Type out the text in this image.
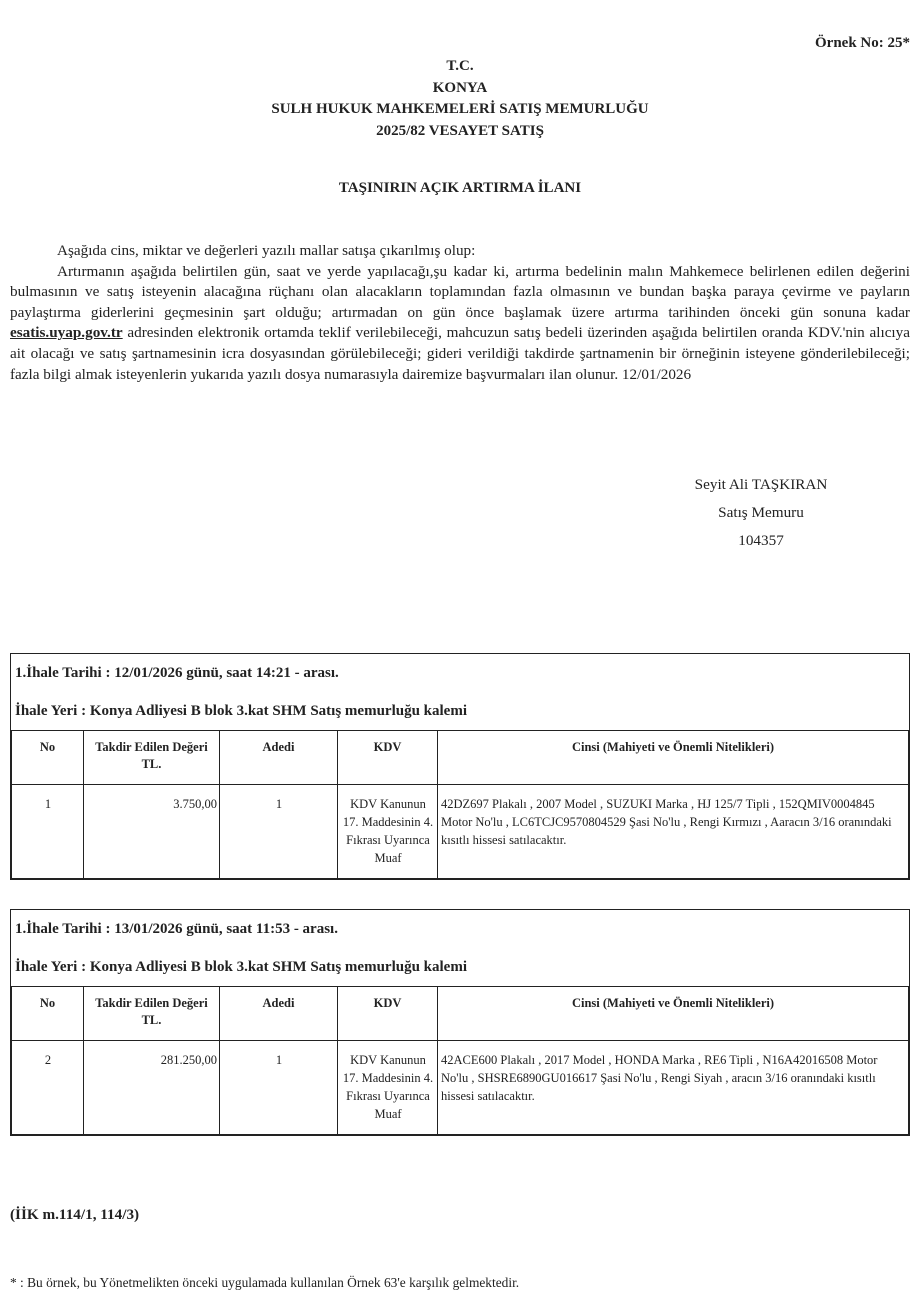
Örnek No: 25*
T.C.
KONYA
SULH HUKUK MAHKEMELERİ SATIŞ MEMURLUĞU
2025/82 VESAYET SATIŞ
TAŞINIRIN AÇIK ARTIRMA İLANI

Aşağıda cins, miktar ve değerleri yazılı mallar satışa çıkarılmış olup:

Artırmanın aşağıda belirtilen gün, saat ve yerde yapılacağı,şu kadar ki, artırma bedelinin malın Mahkemece belirlenen edilen değerini bulmasının ve satış isteyenin alacağına rüçhanı olan alacakların toplamından fazla olmasının ve bundan başka paraya çevirme ve payların paylaştırma giderlerini geçmesinin şart olduğu; artırmadan on gün önce başlamak üzere artırma tarihinden önceki gün sonuna kadar esatis.uyap.gov.tr adresinden elektronik ortamda teklif verilebileceği, mahcuzun satış bedeli üzerinden aşağıda belirtilen oranda KDV.'nin alıcıya ait olacağı ve satış şartnamesinin icra dosyasından görülebileceği; gideri verildiği takdirde şartnamenin bir örneğinin isteyene gönderilebileceği; fazla bilgi almak isteyenlerin yukarıda yazılı dosya numarasıyla dairemize başvurmaları ilan olunur. 12/01/2026

Seyit Ali TAŞKIRAN
Satış Memuru
104357
1.İhale Tarihi : 12/01/2026 günü, saat 14:21 - arası.
İhale Yeri : Konya Adliyesi B blok 3.kat SHM Satış memurluğu kalemi
No	Takdir Edilen Değeri TL.	Adedi	KDV	Cinsi (Mahiyeti ve Önemli Nitelikleri)
1	3.750,00	1	KDV Kanunun 17. Maddesinin 4. Fıkrası Uyarınca Muaf	42DZ697 Plakalı , 2007 Model , SUZUKI Marka , HJ 125/7 Tipli , 152QMIV0004845 Motor No'lu , LC6TCJC9570804529 Şasi No'lu , Rengi Kırmızı , Aaracın 3/16 oranındaki kısıtlı hissesi satılacaktır.
1.İhale Tarihi : 13/01/2026 günü, saat 11:53 - arası.
İhale Yeri : Konya Adliyesi B blok 3.kat SHM Satış memurluğu kalemi
No	Takdir Edilen Değeri TL.	Adedi	KDV	Cinsi (Mahiyeti ve Önemli Nitelikleri)
2	281.250,00	1	KDV Kanunun 17. Maddesinin 4. Fıkrası Uyarınca Muaf	42ACE600 Plakalı , 2017 Model , HONDA Marka , RE6 Tipli , N16A42016508 Motor No'lu , SHSRE6890GU016617 Şasi No'lu , Rengi Siyah , aracın 3/16 oranındaki kısıtlı hissesi satılacaktır.
(İİK m.114/1, 114/3)
* : Bu örnek, bu Yönetmelikten önceki uygulamada kullanılan Örnek 63'e karşılık gelmektedir.
